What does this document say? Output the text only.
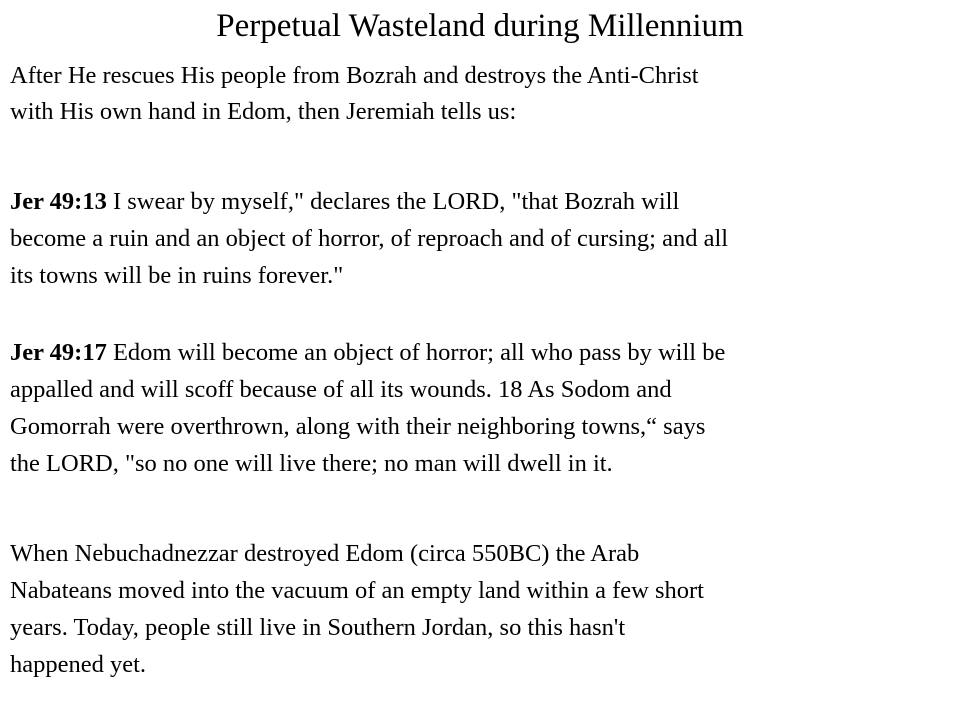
Perpetual Wasteland during Millennium
After He rescues His people from Bozrah and destroys the Anti-Christ
with His own hand in Edom, then Jeremiah tells us:
Jer 49:13 I swear by myself," declares the LORD, "that Bozrah will
become a ruin and an object of horror, of reproach and of cursing; and all
its towns will be in ruins forever."
Jer 49:17 Edom will become an object of horror; all who pass by will be
appalled and will scoff because of all its wounds. 18 As Sodom and
Gomorrah were overthrown, along with their neighboring towns,“ says
the LORD, "so no one will live there; no man will dwell in it.
When Nebuchadnezzar destroyed Edom (circa 550BC) the Arab
Nabateans moved into the vacuum of an empty land within a few short
years. Today, people still live in Southern Jordan, so this hasn't
happened yet.
